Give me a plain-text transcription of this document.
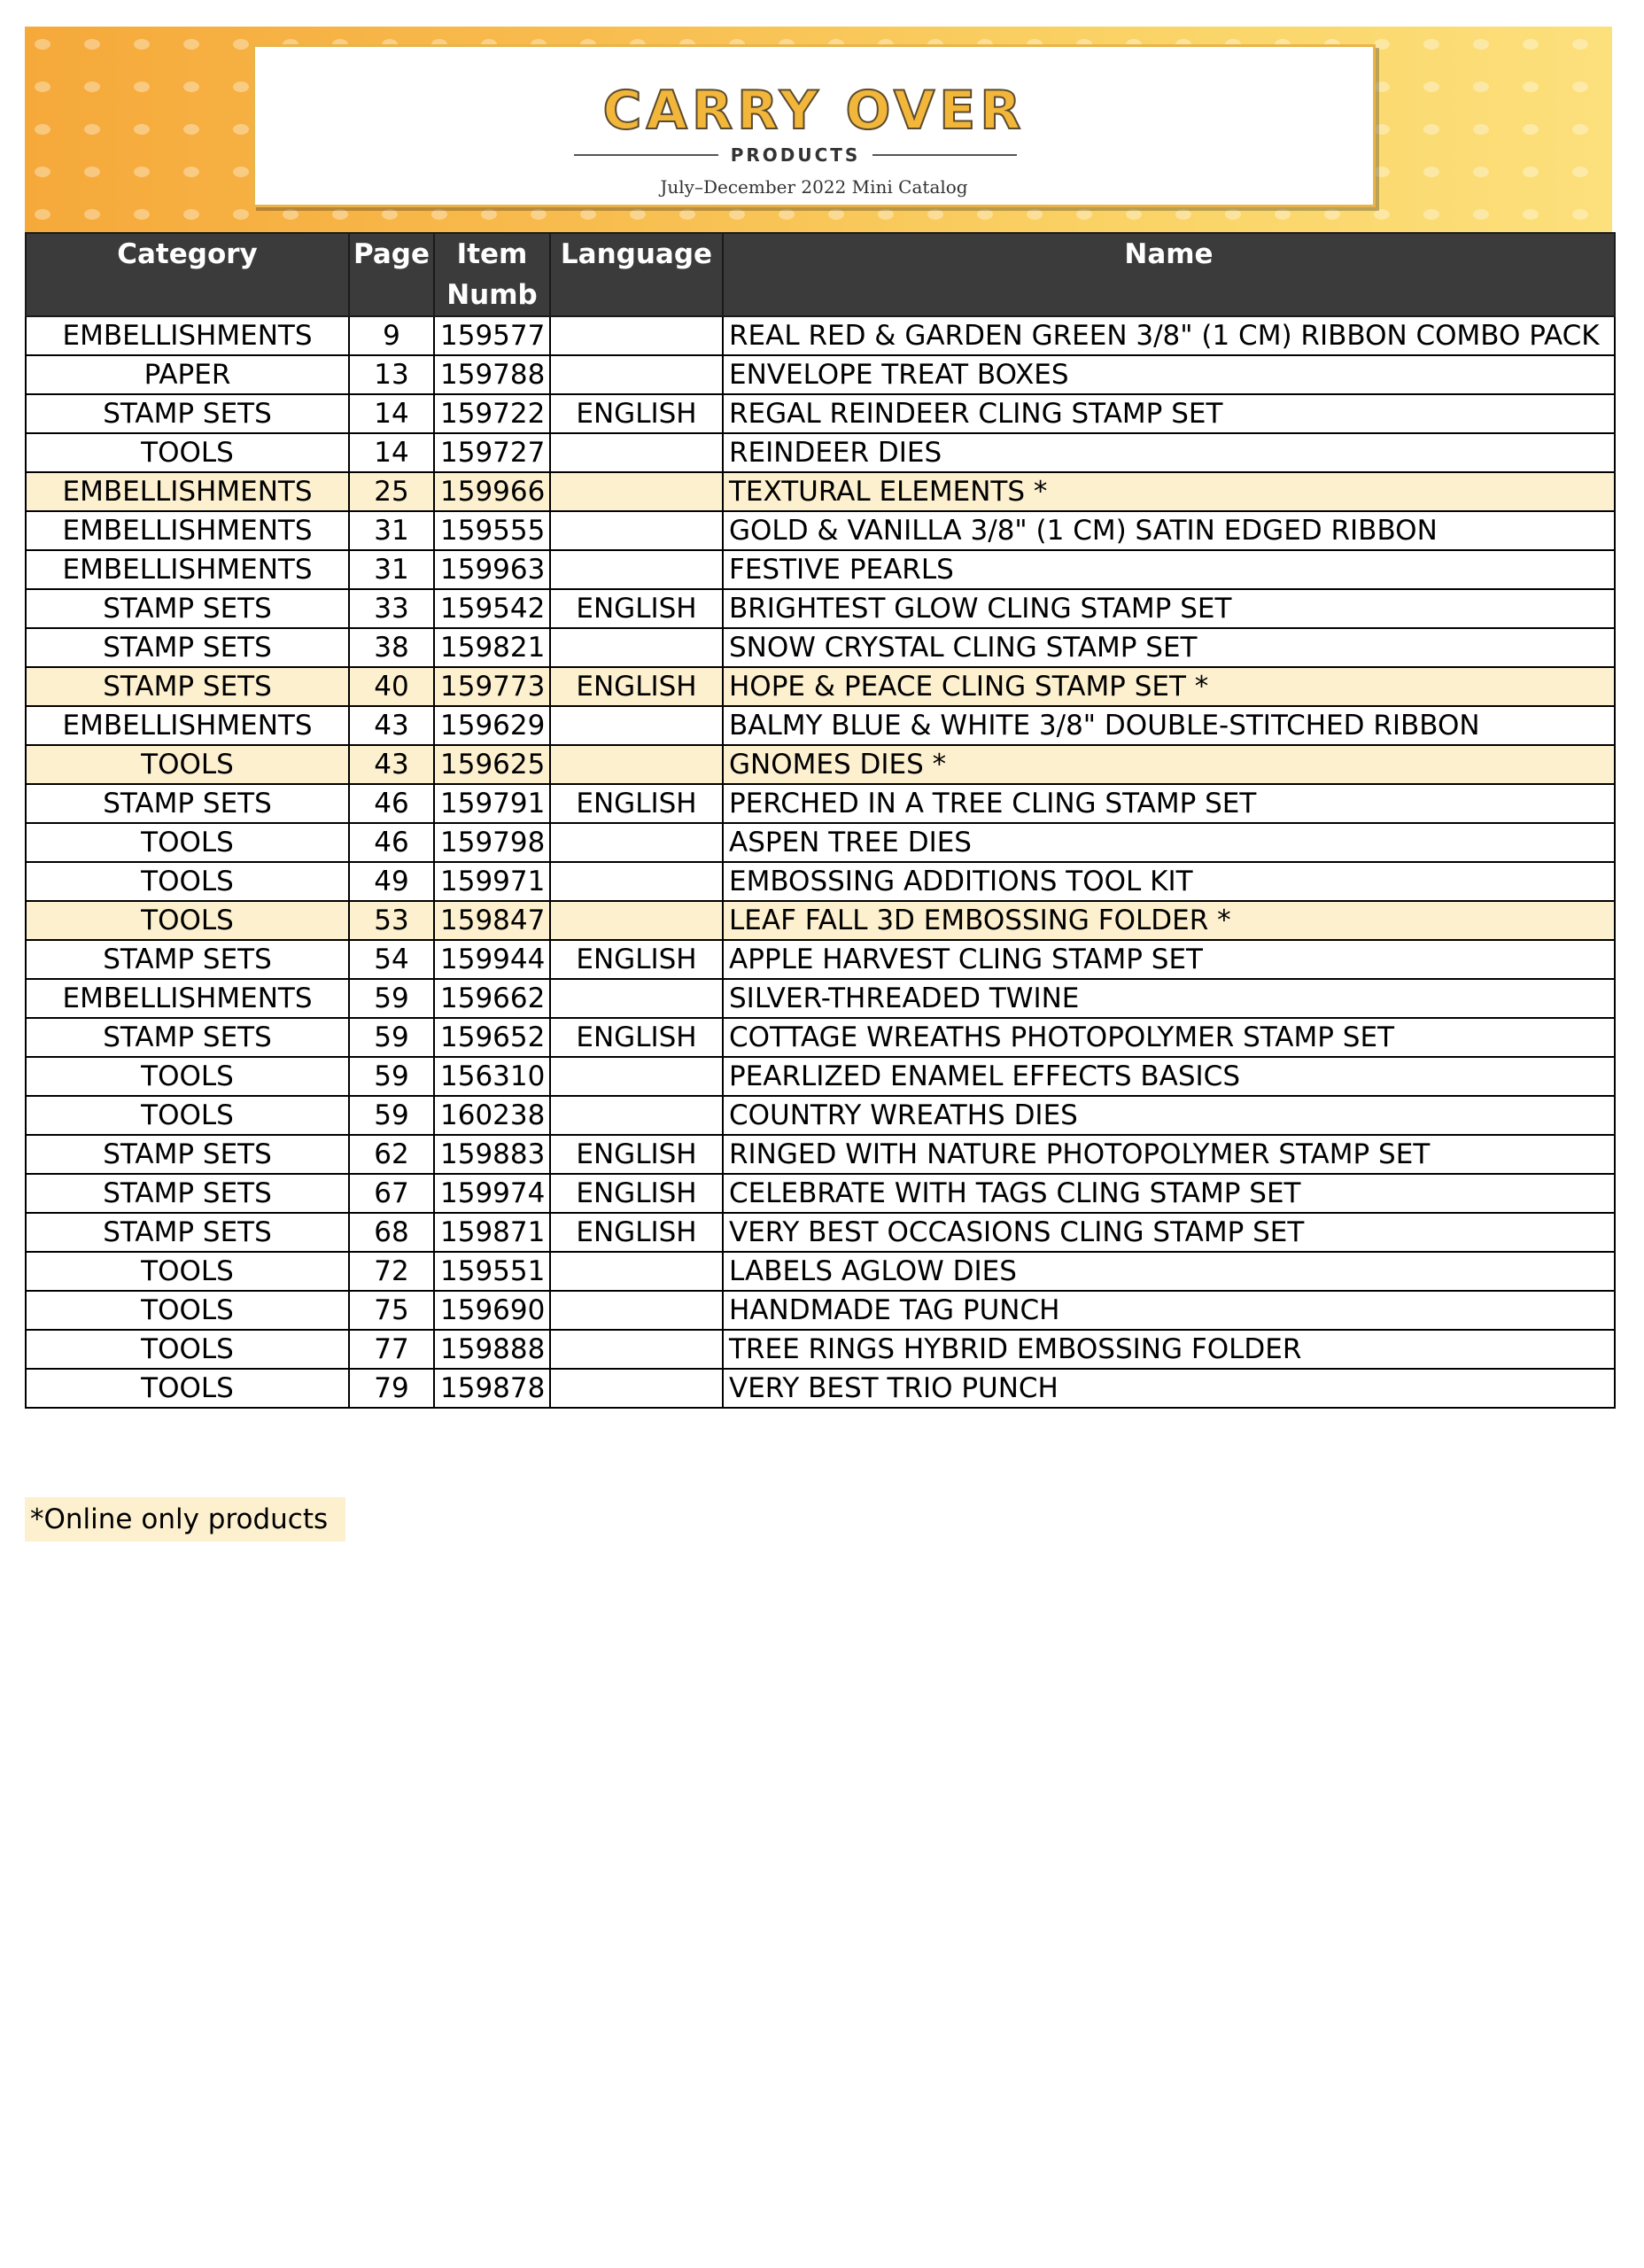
CARRY OVER
PRODUCTS
July–December 2022 Mini Catalog
Category	Page	Item Numb	Language	Name
EMBELLISHMENTS	9	159577		REAL RED & GARDEN GREEN 3/8" (1 CM) RIBBON COMBO PACK
PAPER	13	159788		ENVELOPE TREAT BOXES
STAMP SETS	14	159722	ENGLISH	REGAL REINDEER CLING STAMP SET
TOOLS	14	159727		REINDEER DIES
EMBELLISHMENTS	25	159966		TEXTURAL ELEMENTS *
EMBELLISHMENTS	31	159555		GOLD & VANILLA 3/8" (1 CM) SATIN EDGED RIBBON
EMBELLISHMENTS	31	159963		FESTIVE PEARLS
STAMP SETS	33	159542	ENGLISH	BRIGHTEST GLOW CLING STAMP SET
STAMP SETS	38	159821		SNOW CRYSTAL CLING STAMP SET
STAMP SETS	40	159773	ENGLISH	HOPE & PEACE CLING STAMP SET *
EMBELLISHMENTS	43	159629		BALMY BLUE & WHITE 3/8" DOUBLE-STITCHED RIBBON
TOOLS	43	159625		GNOMES DIES *
STAMP SETS	46	159791	ENGLISH	PERCHED IN A TREE CLING STAMP SET
TOOLS	46	159798		ASPEN TREE DIES
TOOLS	49	159971		EMBOSSING ADDITIONS TOOL KIT
TOOLS	53	159847		LEAF FALL 3D EMBOSSING FOLDER *
STAMP SETS	54	159944	ENGLISH	APPLE HARVEST CLING STAMP SET
EMBELLISHMENTS	59	159662		SILVER-THREADED TWINE
STAMP SETS	59	159652	ENGLISH	COTTAGE WREATHS PHOTOPOLYMER STAMP SET
TOOLS	59	156310		PEARLIZED ENAMEL EFFECTS BASICS
TOOLS	59	160238		COUNTRY WREATHS DIES
STAMP SETS	62	159883	ENGLISH	RINGED WITH NATURE PHOTOPOLYMER STAMP SET
STAMP SETS	67	159974	ENGLISH	CELEBRATE WITH TAGS CLING STAMP SET
STAMP SETS	68	159871	ENGLISH	VERY BEST OCCASIONS CLING STAMP SET
TOOLS	72	159551		LABELS AGLOW DIES
TOOLS	75	159690		HANDMADE TAG PUNCH
TOOLS	77	159888		TREE RINGS HYBRID EMBOSSING FOLDER
TOOLS	79	159878		VERY BEST TRIO PUNCH
*Online only products
